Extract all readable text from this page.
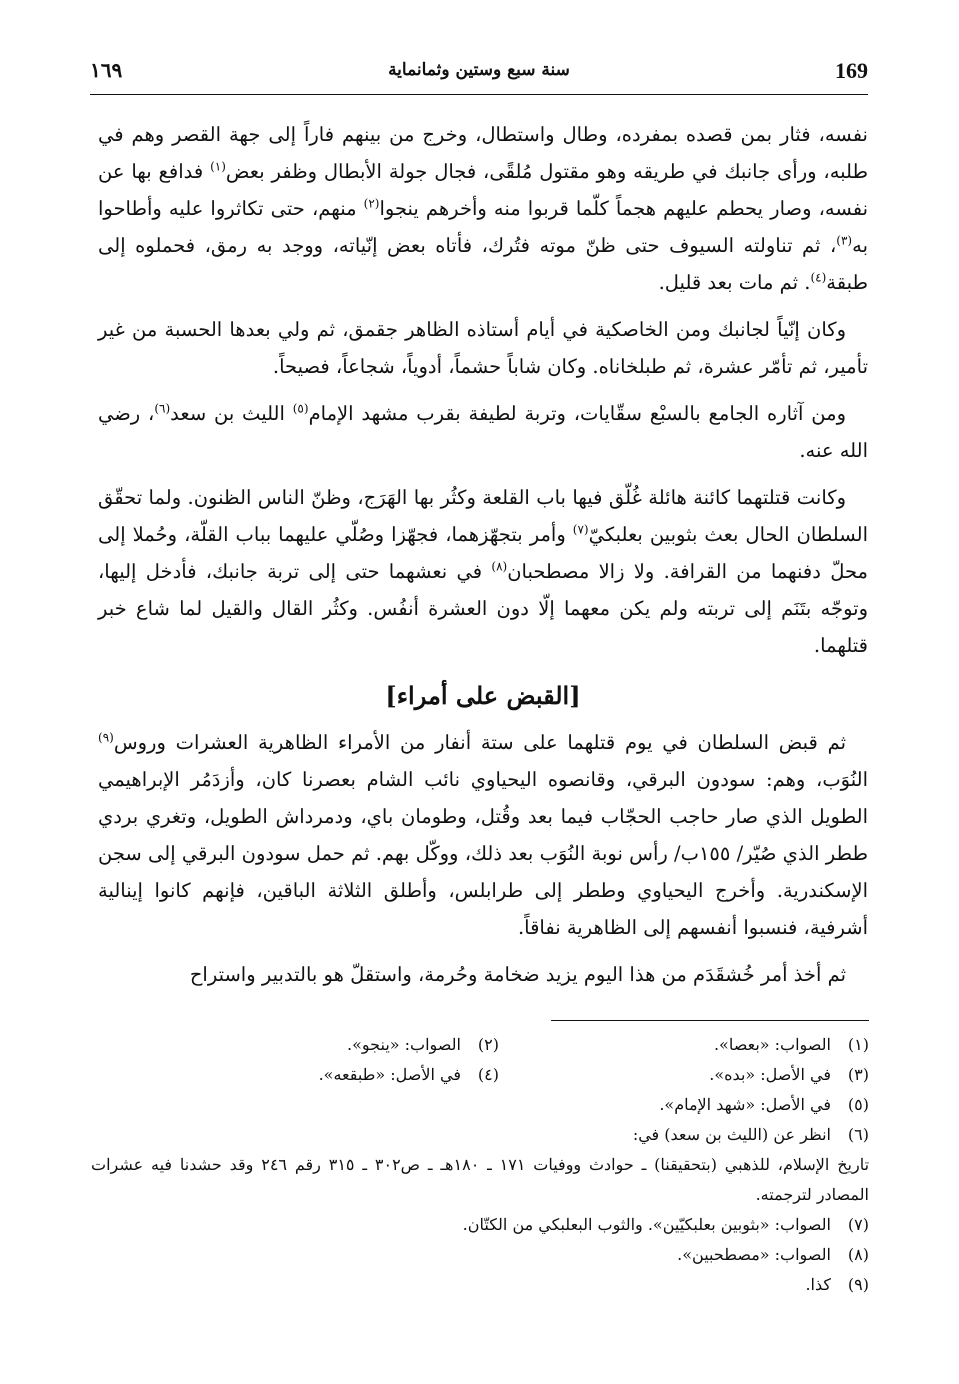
169
سنة سبع وستين وثمانماية
١٦٩

نفسه، فثار بمن قصده بمفرده، وطال واستطال، وخرج من بينهم فاراً إلى جهة القصر وهم في طلبه، ورأى جانبك في طريقه وهو مقتول مُلقًى، فجال جولة الأبطال وظفر بعض$^{(١)}$ فدافع بها عن نفسه، وصار يحطم عليهم هجماً كلّما قربوا منه وأخرهم ينجوا$^{(٢)}$ منهم، حتى تكاثروا عليه وأطاحوا به$^{(٣)}$، ثم تناولته السيوف حتى ظنّ موته فتُرك، فأتاه بعض إنّياته، ووجد به رمق، فحملوه إلى طبقة$^{(٤)}$. ثم مات بعد قليل.

وكان إنّياً لجانبك ومن الخاصكية في أيام أستاذه الظاهر جقمق، ثم ولي بعدها الحسبة من غير تأمير، ثم تأمّر عشرة، ثم طبلخاناه. وكان شاباً حشماً، أدوياً، شجاعاً، فصيحاً.

ومن آثاره الجامع بالسبْع سقّايات، وتربة لطيفة بقرب مشهد الإمام$^{(٥)}$ الليث بن سعد$^{(٦)}$، رضي الله عنه.

وكانت قتلتهما كائنة هائلة غُلّق فيها باب القلعة وكثُر بها الهَرَج، وظنّ الناس الظنون. ولما تحقّق السلطان الحال بعث بثوبين بعلبكيّ$^{(٧)}$ وأمر بتجهّزهما، فجهّزا وصُلّي عليهما بباب القلّة، وحُملا إلى محلّ دفنهما من القرافة. ولا زالا مصطحبان$^{(٨)}$ في نعشهما حتى إلى تربة جانبك، فأدخل إليها، وتوجّه بتَنَم إلى تربته ولم يكن معهما إلّا دون العشرة أنفُس. وكثُر القال والقيل لما شاع خبر قتلهما.

[القبض على أمراء]

ثم قبض السلطان في يوم قتلهما على ستة أنفار من الأمراء الظاهرية العشرات وروس$^{(٩)}$ النُوَب، وهم: سودون البرقي، وقانصوه اليحياوي نائب الشام بعصرنا كان، وأزدَمُر الإبراهيمي الطويل الذي صار حاجب الحجّاب فيما بعد وقُتل، وطومان باي، ودمرداش الطويل، وتغري بردي ططر الذي صُيّر/ ١٥٥ب/ رأس نوبة النُوَب بعد ذلك، ووكّل بهم. ثم حمل سودون البرقي إلى سجن الإسكندرية. وأخرج اليحياوي وططر إلى طرابلس، وأطلق الثلاثة الباقين، فإنهم كانوا إينالية أشرفية، فنسبوا أنفسهم إلى الظاهرية نفاقاً.

ثم أخذ أمر خُشقَدَم من هذا اليوم يزيد ضخامة وحُرمة، واستقلّ هو بالتدبير واستراح

(١)
الصواب: «بعصا».
(٢)
الصواب: «ينجو».
(٣)
في الأصل: «بده».
(٤)
في الأصل: «طبقعه».
(٥)
في الأصل: «شهد الإمام».
(٦)
انظر عن (الليث بن سعد) في:
تاريخ الإسلام، للذهبي (بتحقيقنا) ـ حوادث ووفيات ١٧١ ـ ١٨٠هـ ـ ص٣٠٢ ـ ٣١٥ رقم ٢٤٦ وقد حشدنا فيه عشرات المصادر لترجمته.
(٧)
الصواب: «بثوبين بعلبكيّين». والثوب البعلبكي من الكتّان.
(٨)
الصواب: «مصطحبين».
(٩)
كذا.
